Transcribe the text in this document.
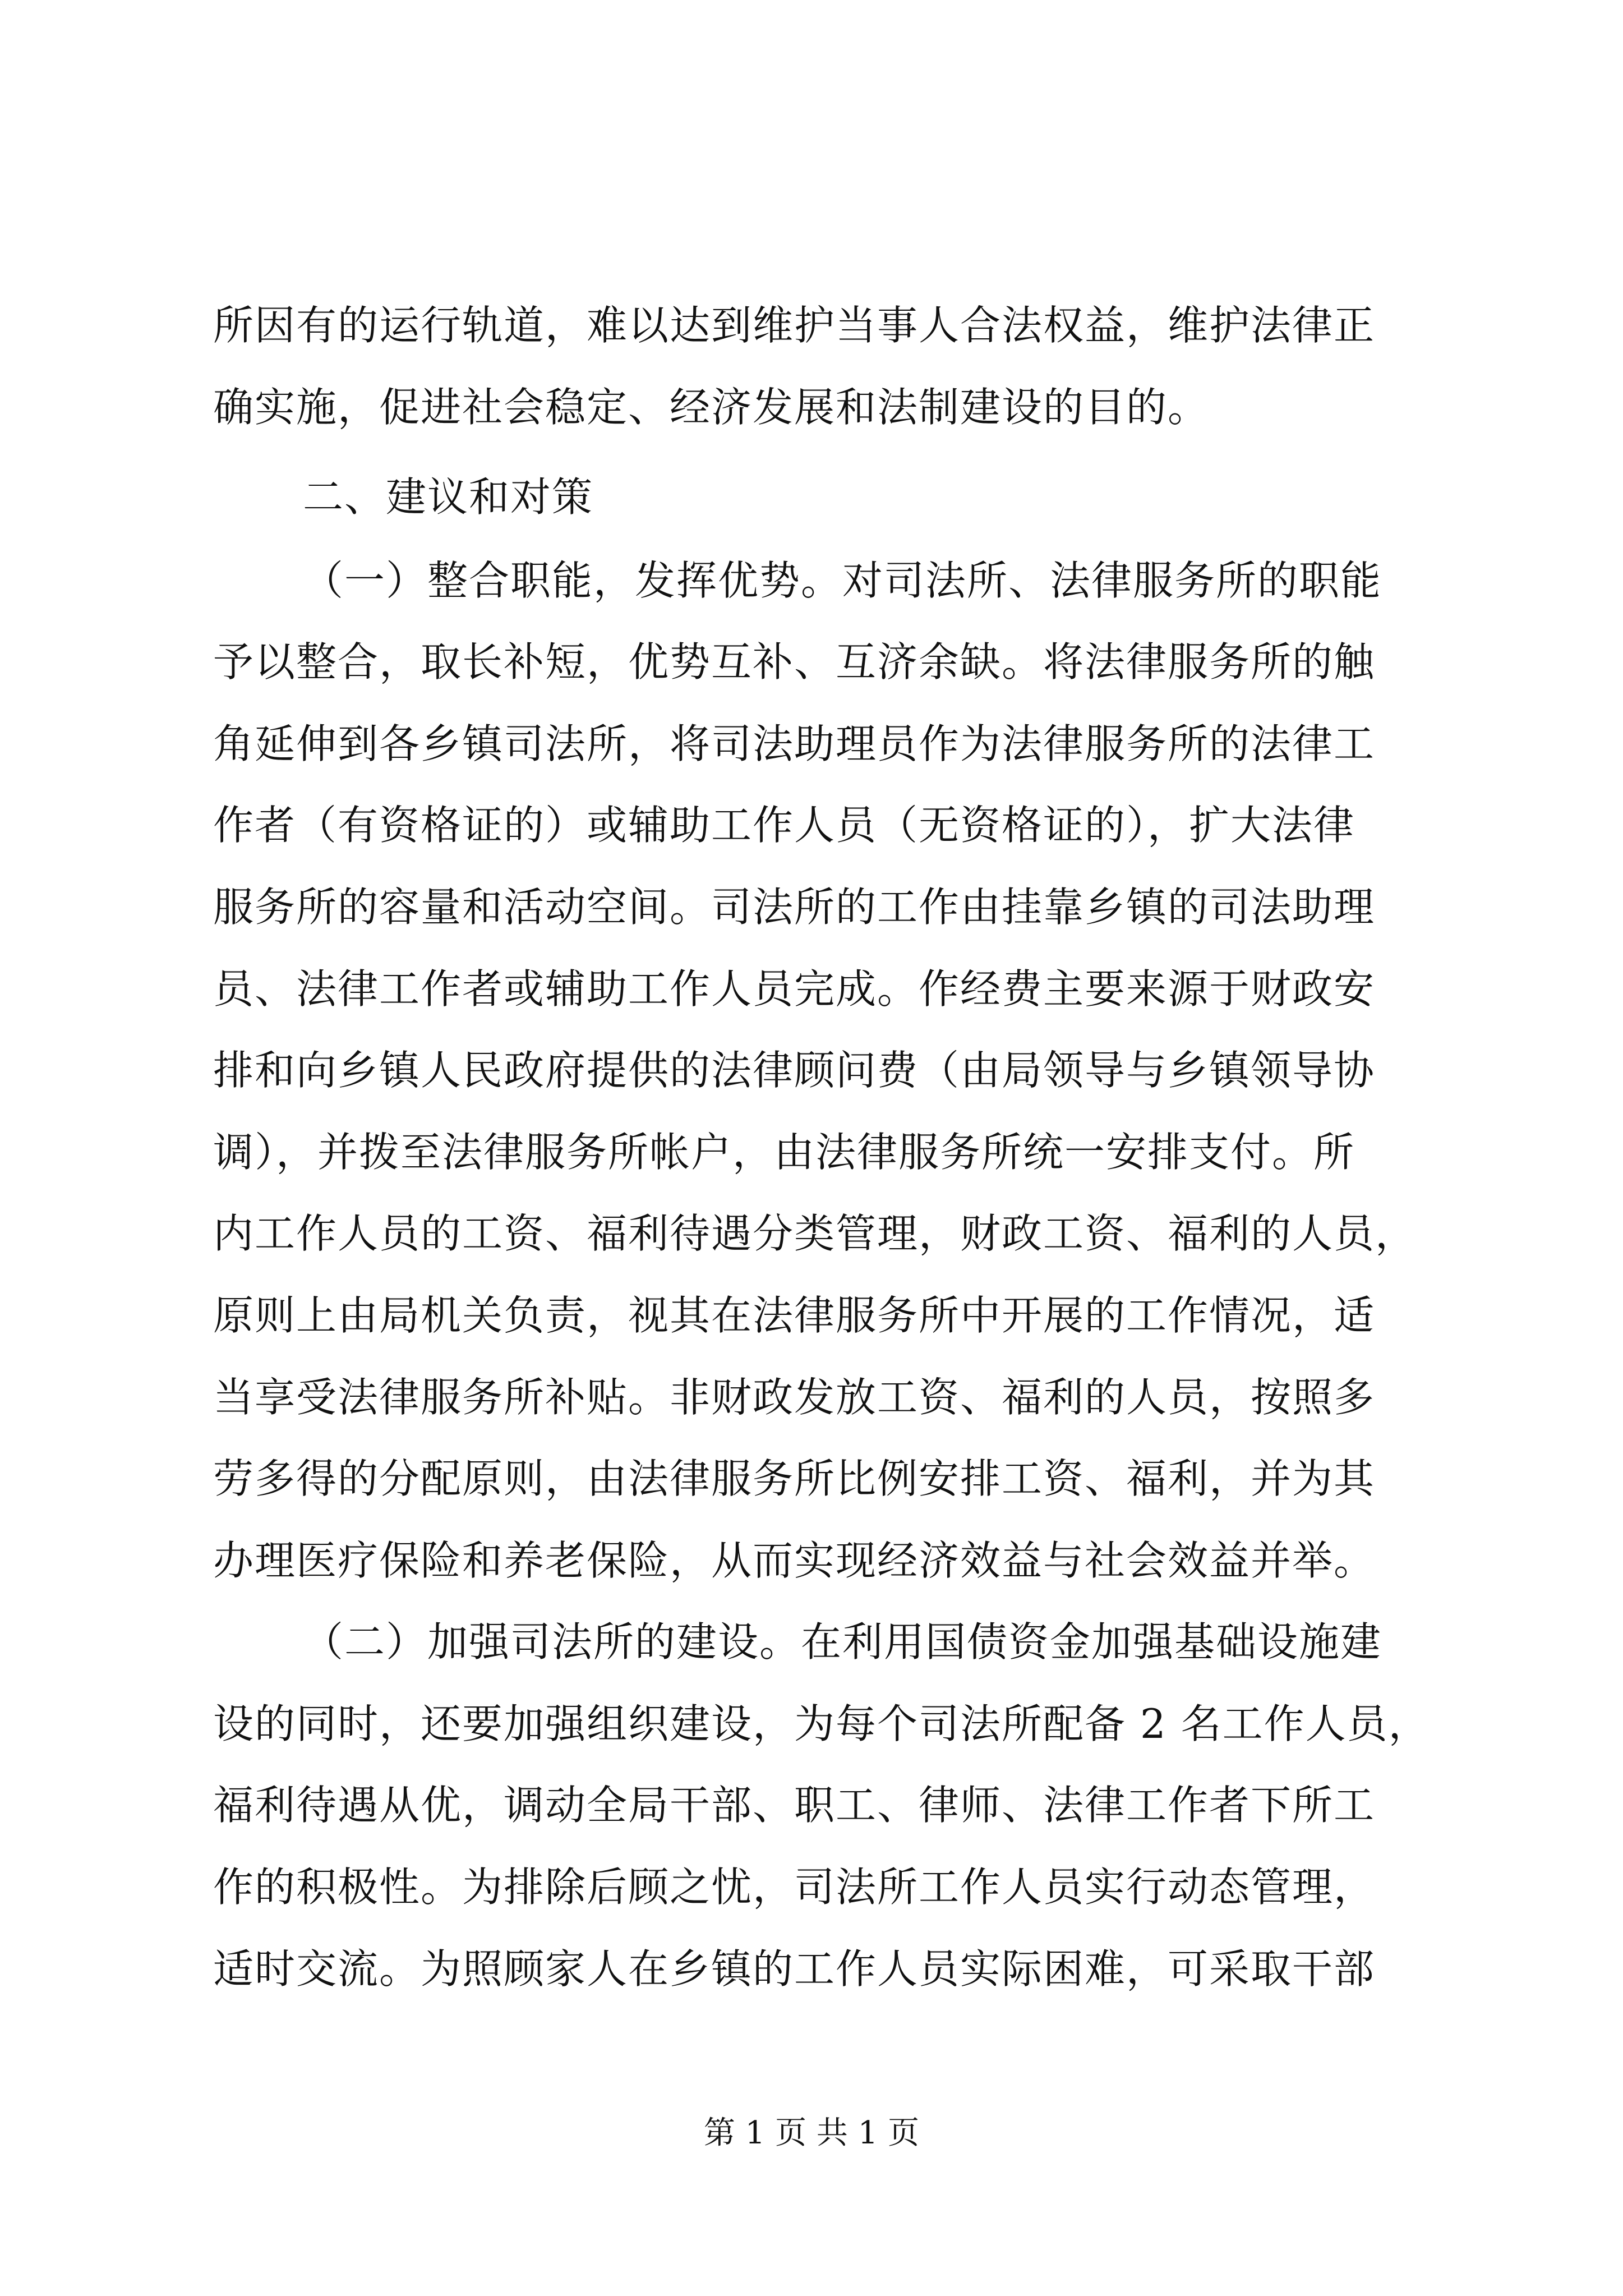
所因有的运行轨道，难以达到维护当事人合法权益，维护法律正
确实施，促进社会稳定、经济发展和法制建设的目的。
二、建议和对策
（一）整合职能，发挥优势。对司法所、法律服务所的职能
予以整合，取长补短，优势互补、互济余缺。将法律服务所的触
角延伸到各乡镇司法所，将司法助理员作为法律服务所的法律工
作者（有资格证的）或辅助工作人员（无资格证的），扩大法律
服务所的容量和活动空间。司法所的工作由挂靠乡镇的司法助理
员、法律工作者或辅助工作人员完成。作经费主要来源于财政安
排和向乡镇人民政府提供的法律顾问费（由局领导与乡镇领导协
调），并拨至法律服务所帐户，由法律服务所统一安排支付。所
内工作人员的工资、福利待遇分类管理，财政工资、福利的人员，
原则上由局机关负责，视其在法律服务所中开展的工作情况，适
当享受法律服务所补贴。非财政发放工资、福利的人员，按照多
劳多得的分配原则，由法律服务所比例安排工资、福利，并为其
办理医疗保险和养老保险，从而实现经济效益与社会效益并举。
（二）加强司法所的建设。在利用国债资金加强基础设施建
设的同时，还要加强组织建设，为每个司法所配备 2 名工作人员，
福利待遇从优，调动全局干部、职工、律师、法律工作者下所工
作的积极性。为排除后顾之忧，司法所工作人员实行动态管理，
适时交流。为照顾家人在乡镇的工作人员实际困难，可采取干部
第 1 页 共 1 页
